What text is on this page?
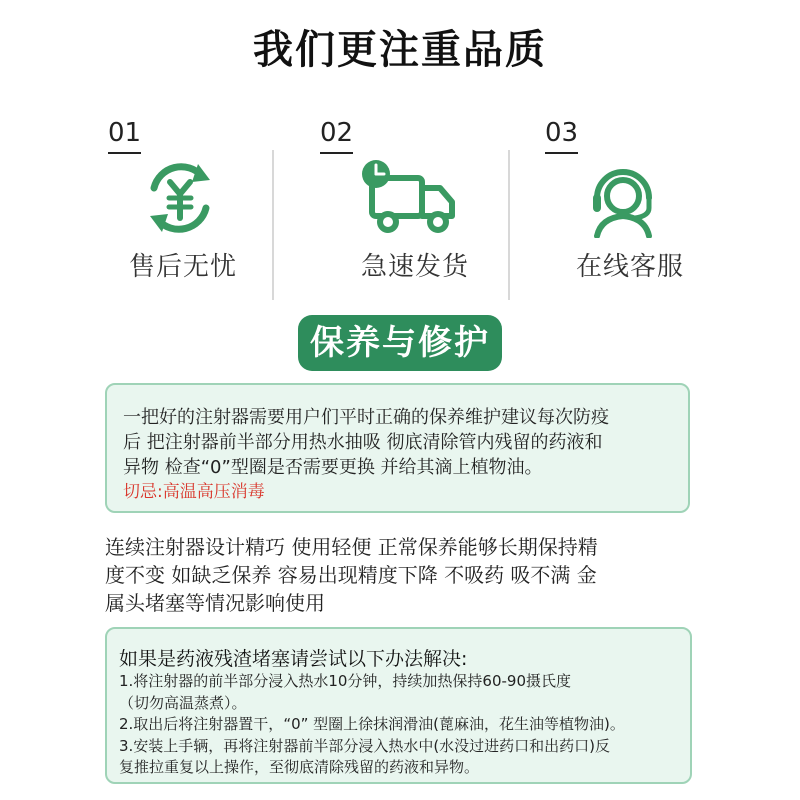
我们更注重品质
01
售后无忧
02
急速发货
03
在线客服
保养与修护

一把好的注射器需要用户们平时正确的保养维护建议每次防疫

后 把注射器前半部分用热水抽吸 彻底清除管内残留的药液和

异物 检查“0”型圈是否需要更换 并给其滴上植物油。

切忌:高温高压消毒

连续注射器设计精巧 使用轻便 正常保养能够长期保持精
度不变 如缺乏保养 容易出现精度下降 不吸药 吸不满 金
属头堵塞等情况影响使用

如果是药液残渣堵塞请尝试以下办法解决:

1.将注射器的前半部分浸入热水10分钟，持续加热保持60-90摄氏度

（切勿高温蒸煮）。

2.取出后将注射器置干，“0” 型圈上徐抹润滑油(蓖麻油，花生油等植物油)。

3.安装上手辆，再将注射器前半部分浸入热水中(水没过进药口和出药口)反

复推拉重复以上操作，至彻底清除残留的药液和异物。
